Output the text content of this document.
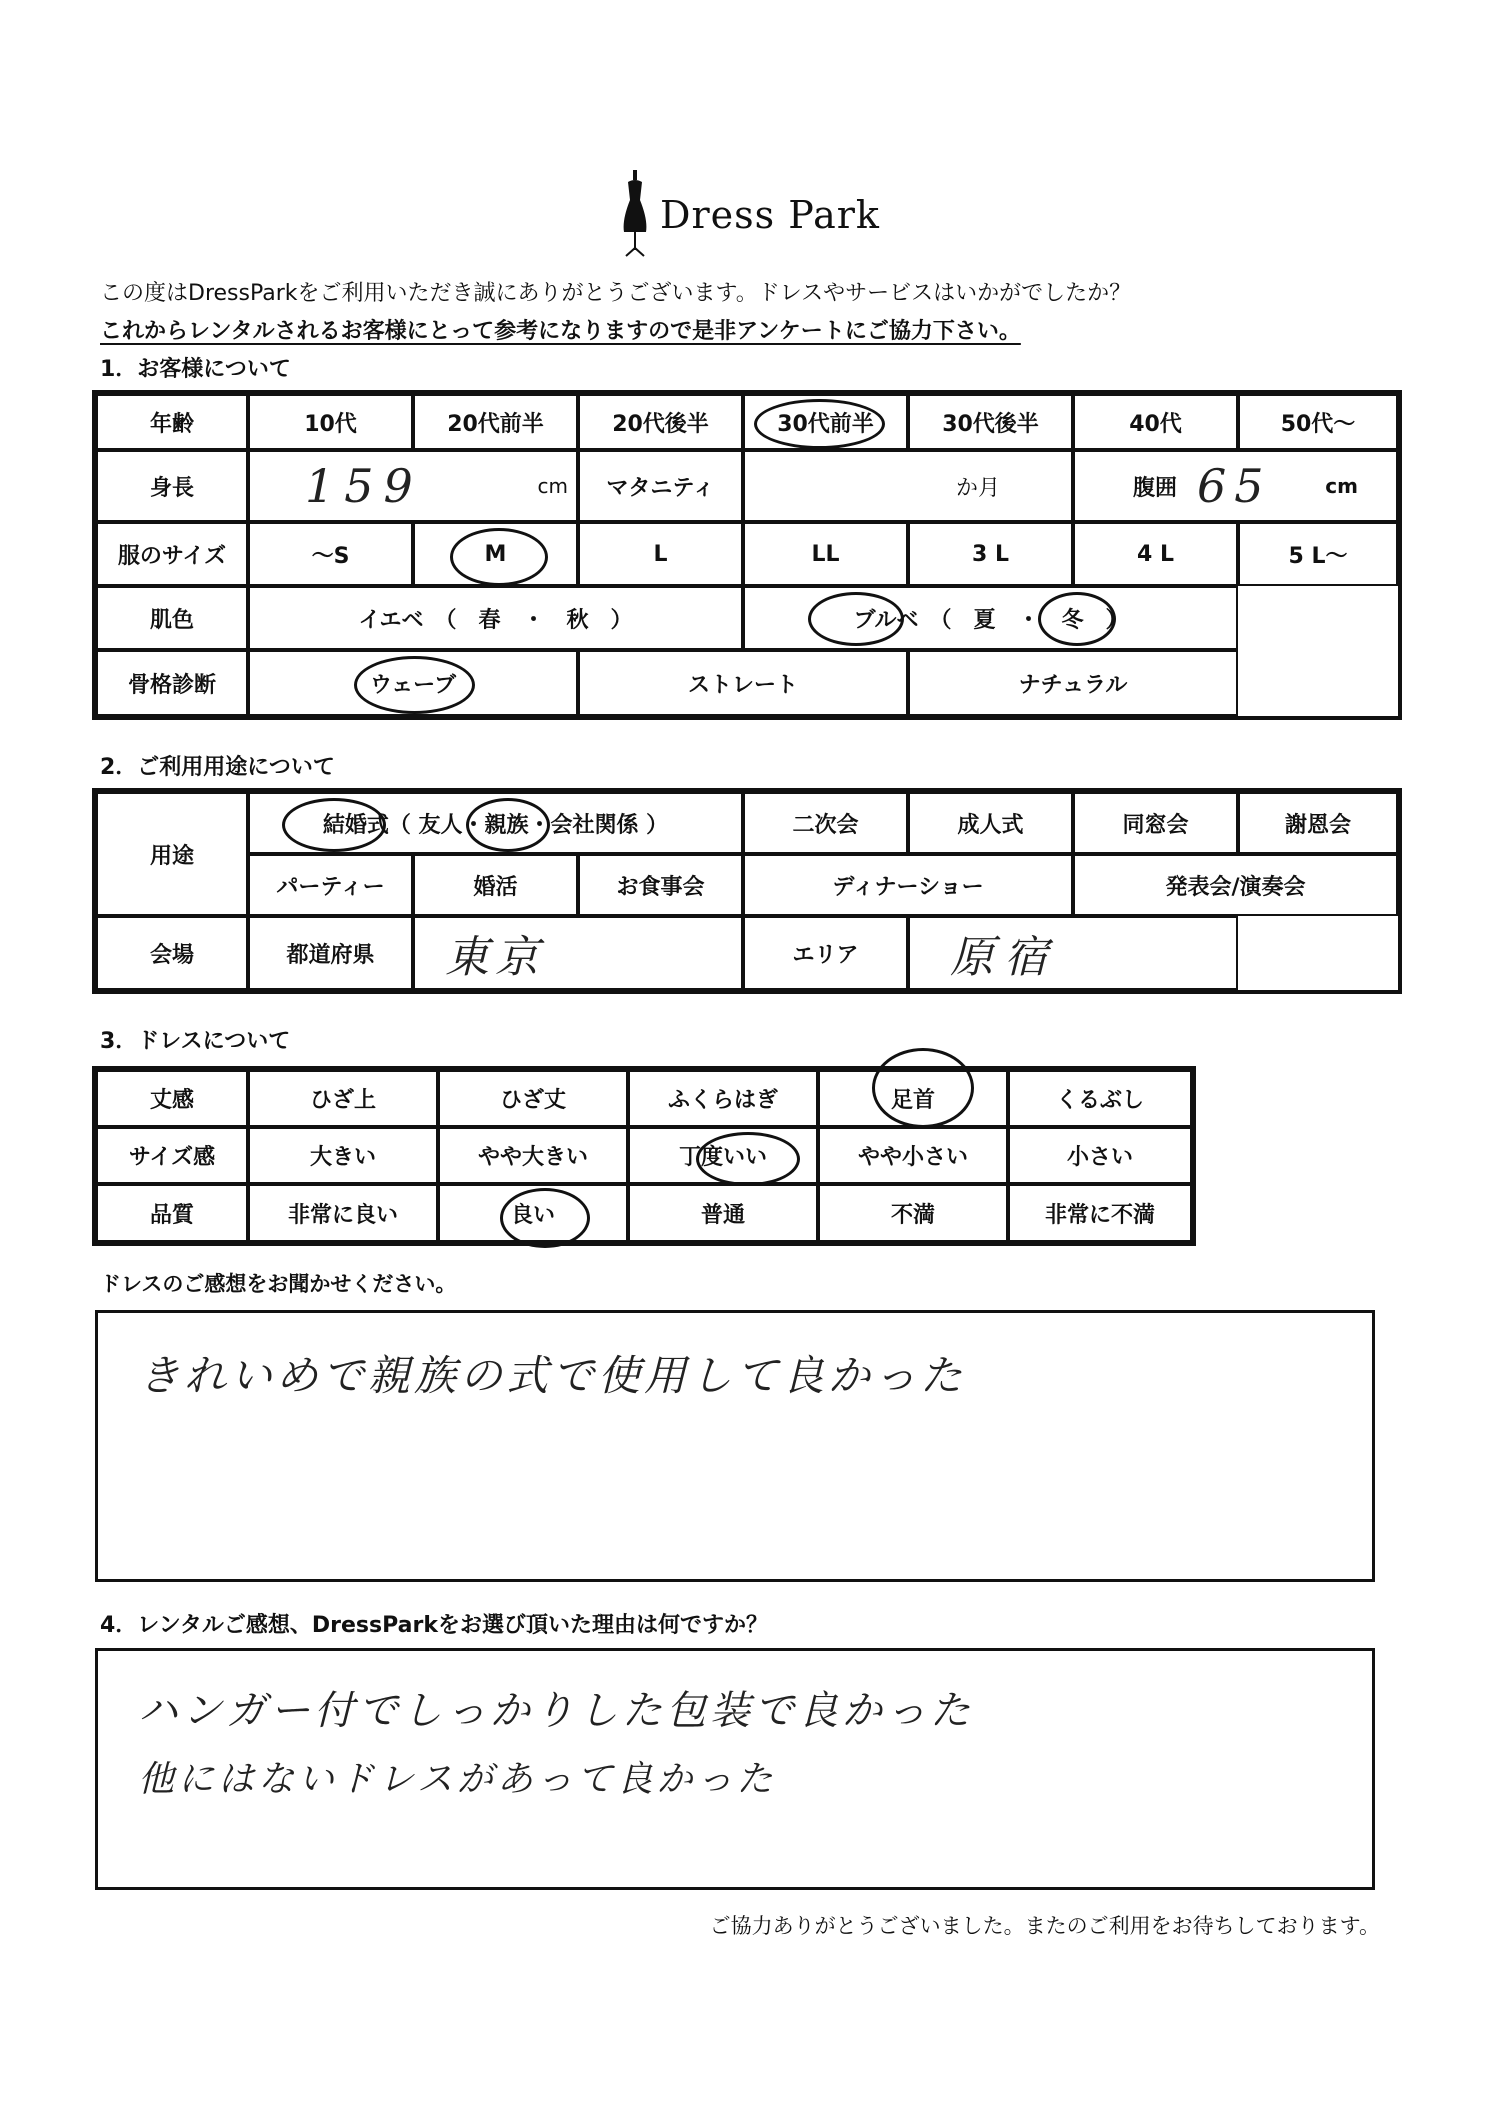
Dress Park
この度はDressParkをご利用いただき誠にありがとうございます。ドレスやサービスはいかがでしたか？
これからレンタルされるお客様にとって参考になりますので是非アンケートにご協力下さい。
1．お客様について
年齢	10代	20代前半	20代後半	30代前半	30代後半	40代	50代〜
身長	159	cm	マタニティ	か月	腹囲 65	cm
服のサイズ	〜S	M	L	LL	3 L	4 L	5 L〜
肌色	イエベ　（　春　・　秋　）	ブルベ　（　夏　・　冬　）
骨格診断	ウェーブ	ストレート	ナチュラル
2．ご利用用途について
用途
結婚式（ 友人・親族・会社関係 ）	二次会	成人式	同窓会	謝恩会
パーティー	婚活	お食事会	ディナーショー	発表会/演奏会
会場	都道府県	東京	エリア	原宿
3．ドレスについて
丈感	ひざ上	ひざ丈	ふくらはぎ	足首	くるぶし
サイズ感	大きい	やや大きい	丁度いい	やや小さい	小さい
品質	非常に良い	良い	普通	不満	非常に不満
ドレスのご感想をお聞かせください。
きれいめで親族の式で使用して良かった
4．レンタルご感想、DressParkをお選び頂いた理由は何ですか？
ハンガー付でしっかりした包装で良かった
他にはないドレスがあって良かった
ご協力ありがとうございました。またのご利用をお待ちしております。
